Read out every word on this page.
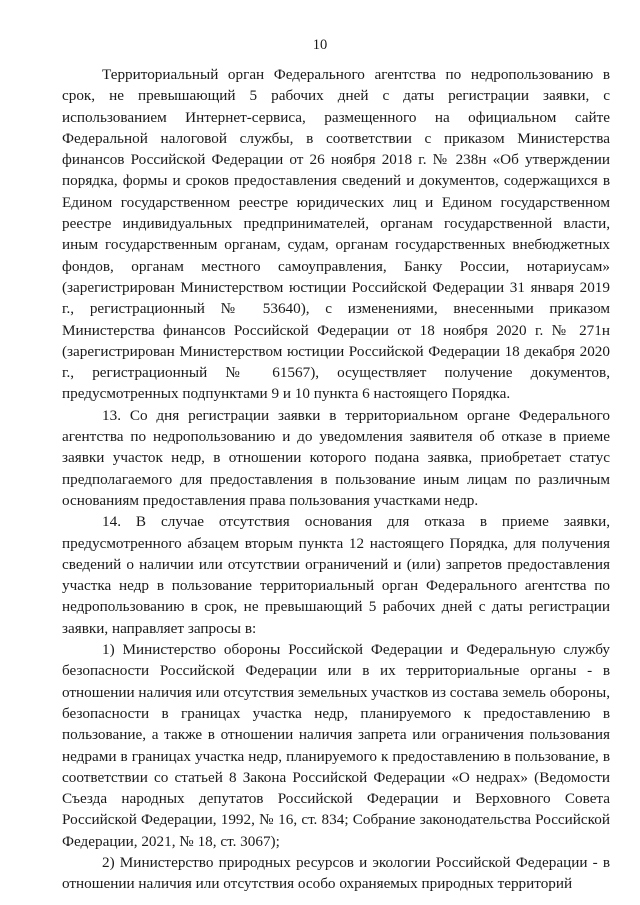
10

Территориальный орган Федерального агентства по недропользованию в срок, не превышающий 5 рабочих дней с даты регистрации заявки, с использованием Интернет-сервиса, размещенного на официальном сайте Федеральной налоговой службы, в соответствии с приказом Министерства финансов Российской Федерации от 26 ноября 2018 г. № 238н «Об утверждении порядка, формы и сроков предоставления сведений и документов, содержащихся в Едином государственном реестре юридических лиц и Едином государственном реестре индивидуальных предпринимателей, органам государственной власти, иным государственным органам, судам, органам государственных внебюджетных фондов, органам местного самоуправления, Банку России, нотариусам» (зарегистрирован Министерством юстиции Российской Федерации 31 января 2019 г., регистрационный № 53640), с изменениями, внесенными приказом Министерства финансов Российской Федерации от 18 ноября 2020 г. № 271н (зарегистрирован Министерством юстиции Российской Федерации 18 декабря 2020 г., регистрационный № 61567), осуществляет получение документов, предусмотренных подпунктами 9 и 10 пункта 6 настоящего Порядка.

13. Со дня регистрации заявки в территориальном органе Федерального агентства по недропользованию и до уведомления заявителя об отказе в приеме заявки участок недр, в отношении которого подана заявка, приобретает статус предполагаемого для предоставления в пользование иным лицам по различным основаниям предоставления права пользования участками недр.

14. В случае отсутствия основания для отказа в приеме заявки, предусмотренного абзацем вторым пункта 12 настоящего Порядка, для получения сведений о наличии или отсутствии ограничений и (или) запретов предоставления участка недр в пользование территориальный орган Федерального агентства по недропользованию в срок, не превышающий 5 рабочих дней с даты регистрации заявки, направляет запросы в:

1) Министерство обороны Российской Федерации и Федеральную службу безопасности Российской Федерации или в их территориальные органы - в отношении наличия или отсутствия земельных участков из состава земель обороны, безопасности в границах участка недр, планируемого к предоставлению в пользование, а также в отношении наличия запрета или ограничения пользования недрами в границах участка недр, планируемого к предоставлению в пользование, в соответствии со статьей 8 Закона Российской Федерации «О недрах» (Ведомости Съезда народных депутатов Российской Федерации и Верховного Совета Российской Федерации, 1992, № 16, ст. 834; Собрание законодательства Российской Федерации, 2021, № 18, ст. 3067);

2) Министерство природных ресурсов и экологии Российской Федерации - в отношении наличия или отсутствия особо охраняемых природных территорий
